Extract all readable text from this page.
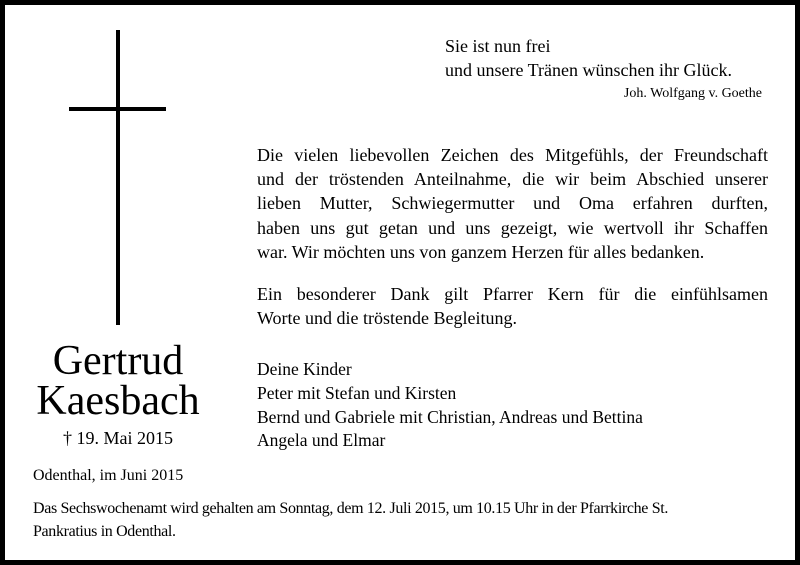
Sie ist nun frei
und unsere Tränen wünschen ihr Glück.
Joh. Wolfgang v. Goethe
Die vielen liebevollen Zeichen des Mitgefühls, der Freundschaft
und der tröstenden Anteilnahme, die wir beim Abschied unserer
lieben Mutter, Schwiegermutter und Oma erfahren durften,
haben uns gut getan und uns gezeigt, wie wertvoll ihr Schaffen
war. Wir möchten uns von ganzem Herzen für alles bedanken.
Ein besonderer Dank gilt Pfarrer Kern für die einfühlsamen
Worte und die tröstende Begleitung.
Deine Kinder
Peter mit Stefan und Kirsten
Bernd und Gabriele mit Christian, Andreas und Bettina
Angela und Elmar
Gertrud
Kaesbach
† 19. Mai 2015
Odenthal, im Juni 2015
Das Sechswochenamt wird gehalten am Sonntag, dem 12. Juli 2015, um 10.15 Uhr in der Pfarrkirche St.
Pankratius in Odenthal.
